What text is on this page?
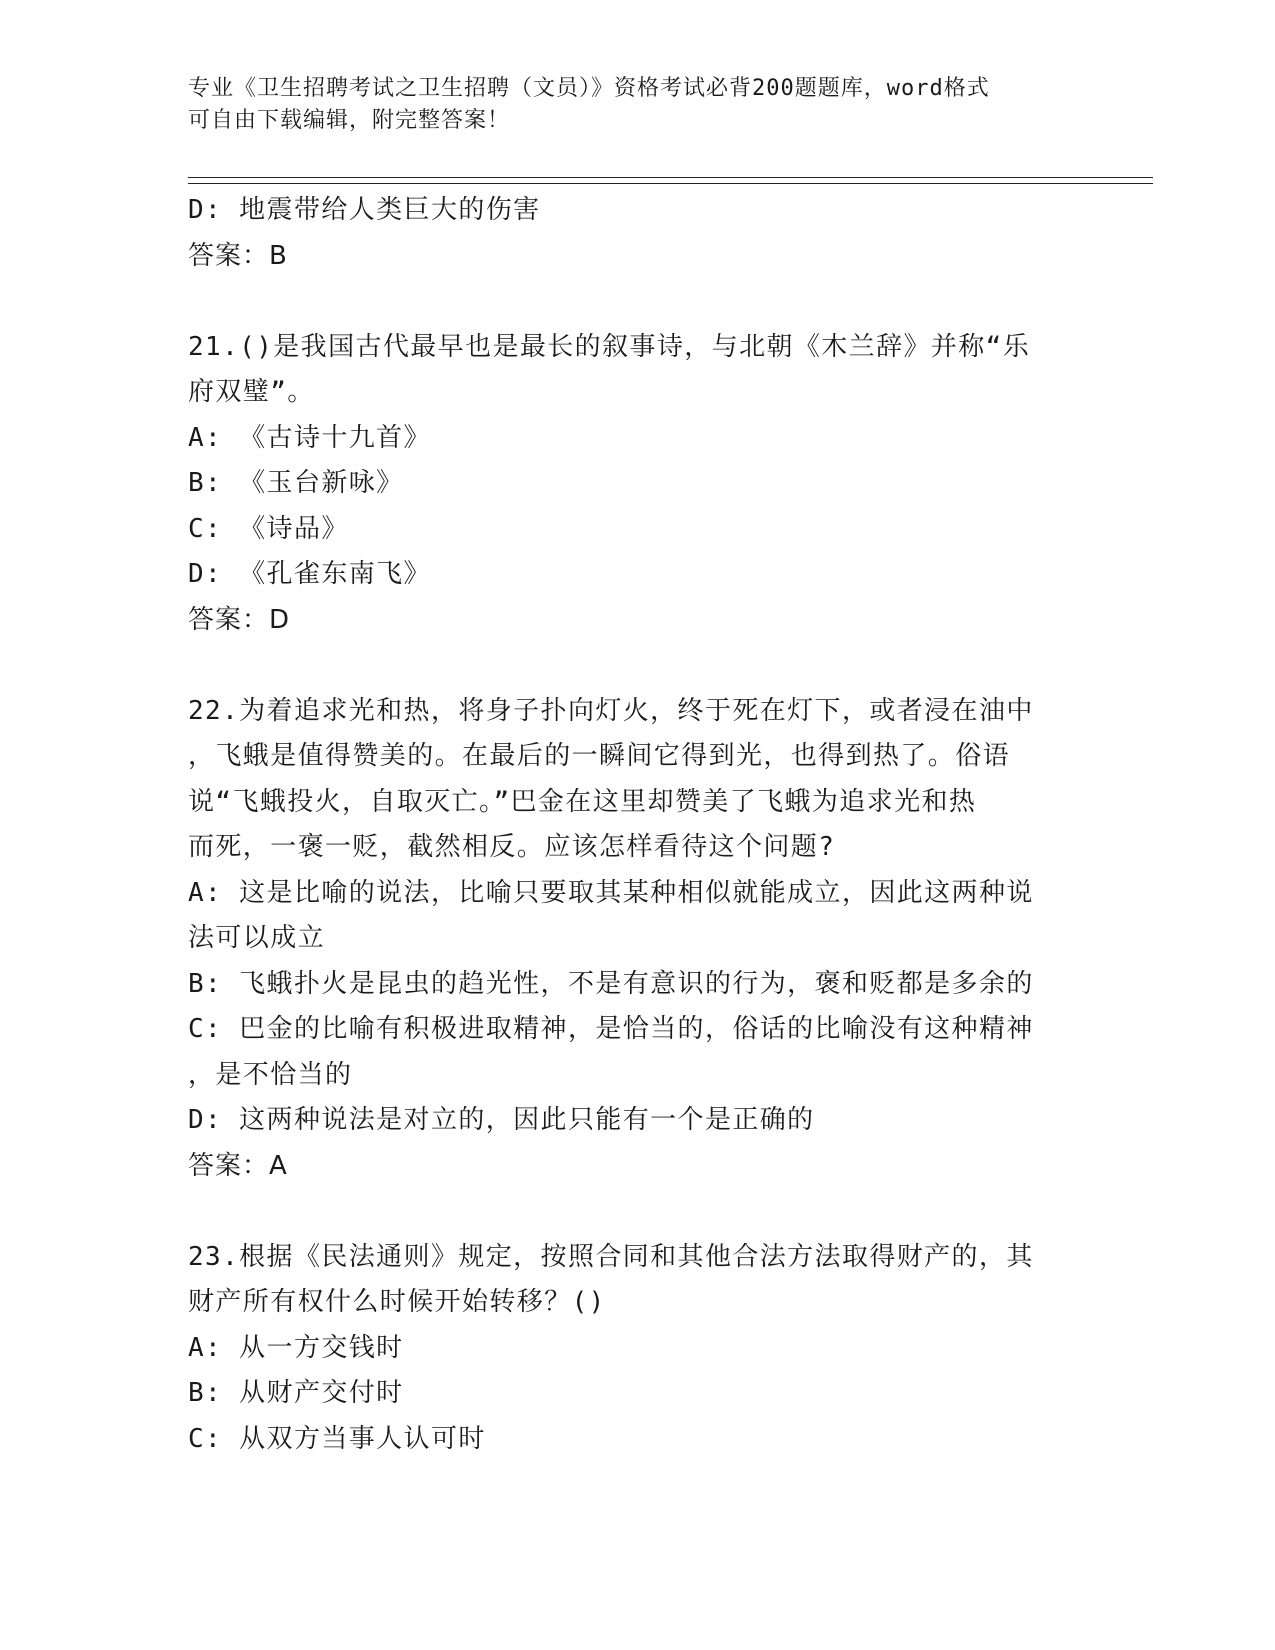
专业《卫生招聘考试之卫生招聘（文员）》资格考试必背200题题库，word格式
可自由下载编辑，附完整答案！
D: 地震带给人类巨大的伤害
答案：B
21.()是我国古代最早也是最长的叙事诗，与北朝《木兰辞》并称“乐
府双璧”。
A: 《古诗十九首》
B: 《玉台新咏》
C: 《诗品》
D: 《孔雀东南飞》
答案：D
22.为着追求光和热，将身子扑向灯火，终于死在灯下，或者浸在油中
，飞蛾是值得赞美的。在最后的一瞬间它得到光，也得到热了。俗语
说“飞蛾投火，自取灭亡。”巴金在这里却赞美了飞蛾为追求光和热
而死，一褒一贬，截然相反。应该怎样看待这个问题?
A: 这是比喻的说法，比喻只要取其某种相似就能成立，因此这两种说
法可以成立
B: 飞蛾扑火是昆虫的趋光性，不是有意识的行为，褒和贬都是多余的
C: 巴金的比喻有积极进取精神，是恰当的，俗话的比喻没有这种精神
，是不恰当的
D: 这两种说法是对立的，因此只能有一个是正确的
答案：A
23.根据《民法通则》规定，按照合同和其他合法方法取得财产的，其
财产所有权什么时候开始转移？()
A: 从一方交钱时
B: 从财产交付时
C: 从双方当事人认可时
